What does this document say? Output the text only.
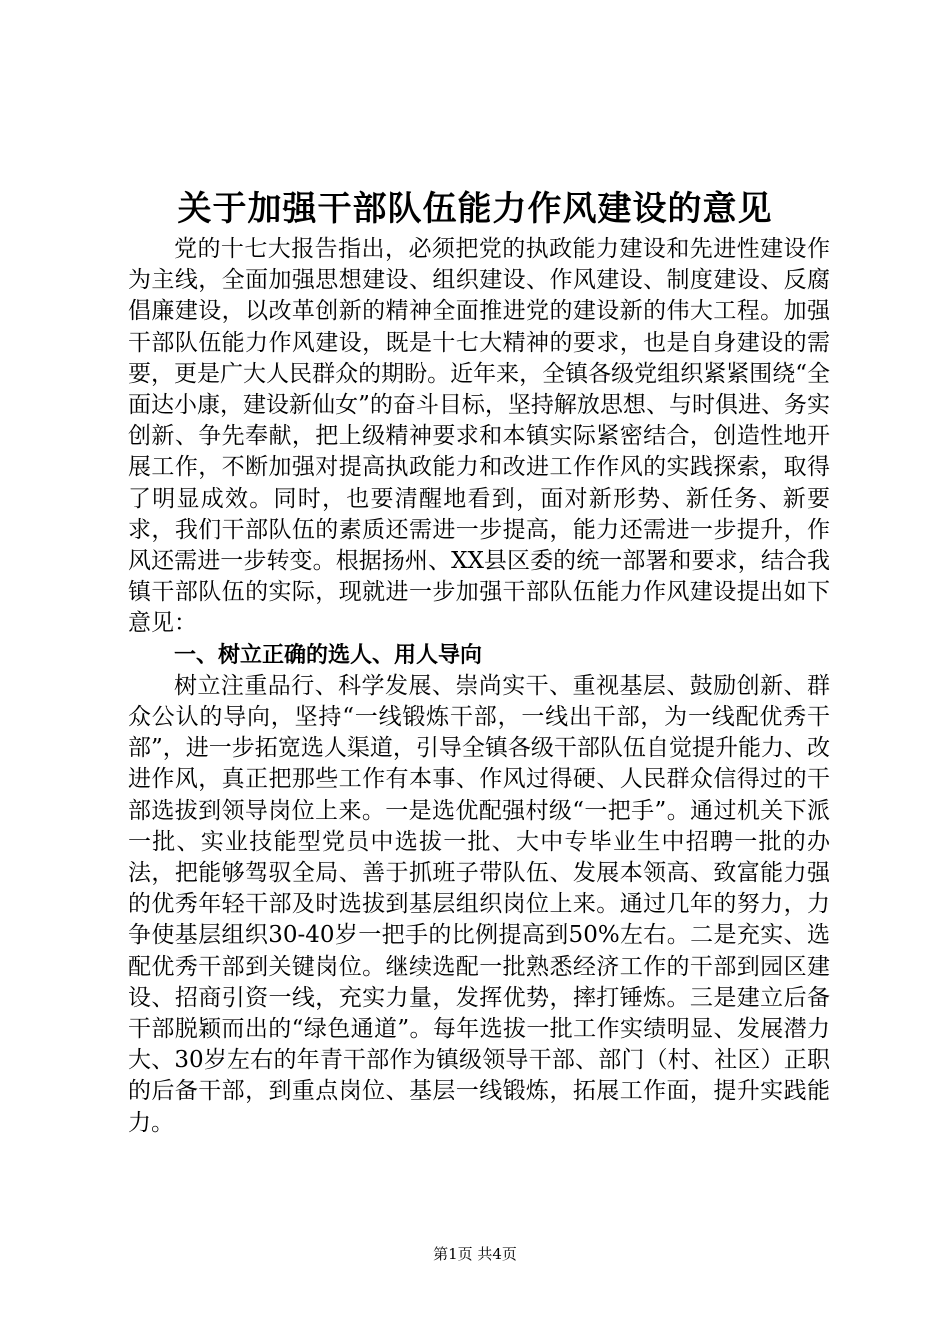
关于加强干部队伍能力作风建设的意见

党的十七大报告指出，必须把党的执政能力建设和先进性建设作为主线，全面加强思想建设、组织建设、作风建设、制度建设、反腐倡廉建设，以改革创新的精神全面推进党的建设新的伟大工程。加强干部队伍能力作风建设，既是十七大精神的要求，也是自身建设的需要，更是广大人民群众的期盼。近年来，全镇各级党组织紧紧围绕“全面达小康，建设新仙女”的奋斗目标，坚持解放思想、与时俱进、务实创新、争先奉献，把上级精神要求和本镇实际紧密结合，创造性地开展工作，不断加强对提高执政能力和改进工作作风的实践探索，取得了明显成效。同时，也要清醒地看到，面对新形势、新任务、新要求，我们干部队伍的素质还需进一步提高，能力还需进一步提升，作风还需进一步转变。根据扬州、XX县区委的统一部署和要求，结合我镇干部队伍的实际，现就进一步加强干部队伍能力作风建设提出如下意见：

一、树立正确的选人、用人导向

树立注重品行、科学发展、崇尚实干、重视基层、鼓励创新、群众公认的导向，坚持“一线锻炼干部，一线出干部，为一线配优秀干部”，进一步拓宽选人渠道，引导全镇各级干部队伍自觉提升能力、改进作风，真正把那些工作有本事、作风过得硬、人民群众信得过的干部选拔到领导岗位上来。一是选优配强村级“一把手”。通过机关下派一批、实业技能型党员中选拔一批、大中专毕业生中招聘一批的办法，把能够驾驭全局、善于抓班子带队伍、发展本领高、致富能力强的优秀年轻干部及时选拔到基层组织岗位上来。通过几年的努力，力争使基层组织30-40岁一把手的比例提高到50%左右。二是充实、选配优秀干部到关键岗位。继续选配一批熟悉经济工作的干部到园区建设、招商引资一线，充实力量，发挥优势，摔打锤炼。三是建立后备干部脱颖而出的“绿色通道”。每年选拔一批工作实绩明显、发展潜力大、30岁左右的年青干部作为镇级领导干部、部门（村、社区）正职的后备干部，到重点岗位、基层一线锻炼，拓展工作面，提升实践能力。

第1页 共4页
